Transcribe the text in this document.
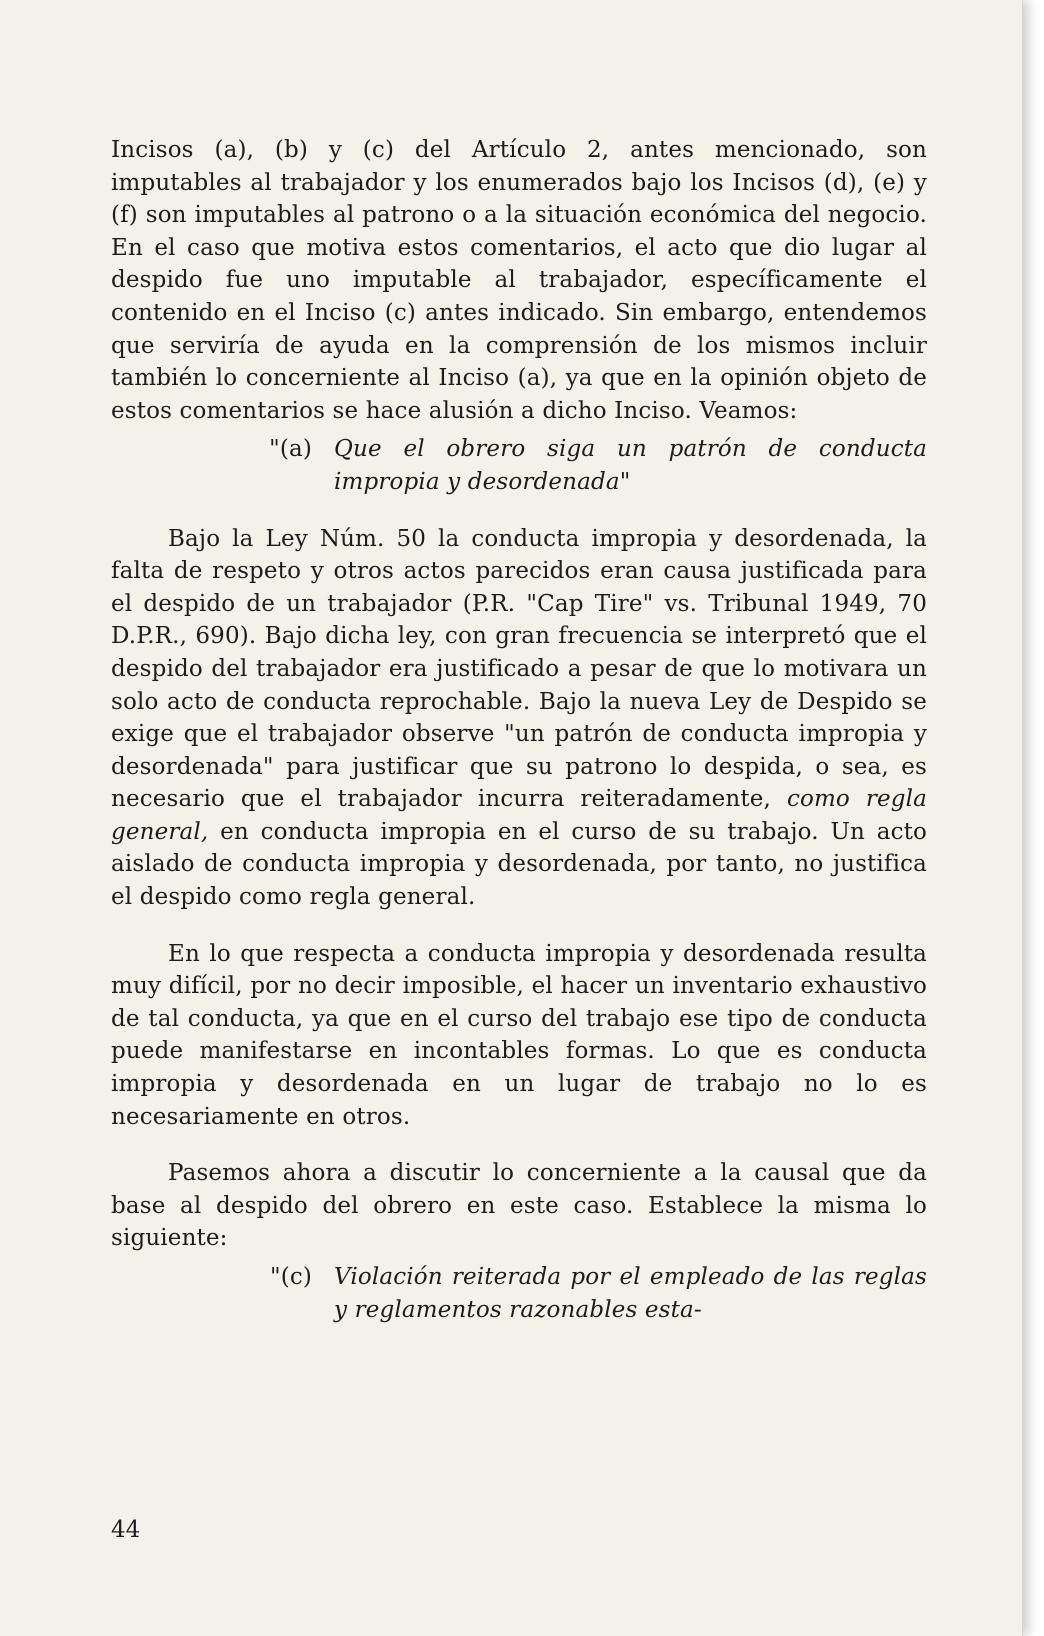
Incisos (a), (b) y (c) del Artículo 2, antes mencionado, son imputables al trabajador y los enumerados bajo los Incisos (d), (e) y (f) son imputables al patrono o a la situación económica del negocio. En el caso que motiva estos comentarios, el acto que dio lugar al despido fue uno imputable al trabajador, específicamente el contenido en el Inciso (c) antes indicado. Sin embargo, entendemos que serviría de ayuda en la comprensión de los mismos incluir también lo concerniente al Inciso (a), ya que en la opinión objeto de estos comentarios se hace alusión a dicho Inciso. Veamos:

"(a) Que el obrero siga un patrón de conducta impropia y desordenada"

Bajo la Ley Núm. 50 la conducta impropia y desordenada, la falta de respeto y otros actos parecidos eran causa justificada para el despido de un trabajador (P.R. "Cap Tire" vs. Tribunal 1949, 70 D.P.R., 690). Bajo dicha ley, con gran frecuencia se interpretó que el despido del trabajador era justificado a pesar de que lo motivara un solo acto de conducta reprochable. Bajo la nueva Ley de Despido se exige que el trabajador observe "un patrón de conducta impropia y desordenada" para justificar que su patrono lo despida, o sea, es necesario que el trabajador incurra reiteradamente, como regla general, en conducta impropia en el curso de su trabajo. Un acto aislado de conducta impropia y desordenada, por tanto, no justifica el despido como regla general.

En lo que respecta a conducta impropia y desordenada resulta muy difícil, por no decir imposible, el hacer un inventario exhaustivo de tal conducta, ya que en el curso del trabajo ese tipo de conducta puede manifestarse en incontables formas. Lo que es conducta impropia y desordenada en un lugar de trabajo no lo es necesariamente en otros.

Pasemos ahora a discutir lo concerniente a la causal que da base al despido del obrero en este caso. Establece la misma lo siguiente:

"(c) Violación reiterada por el empleado de las reglas y reglamentos razonables esta-
44
